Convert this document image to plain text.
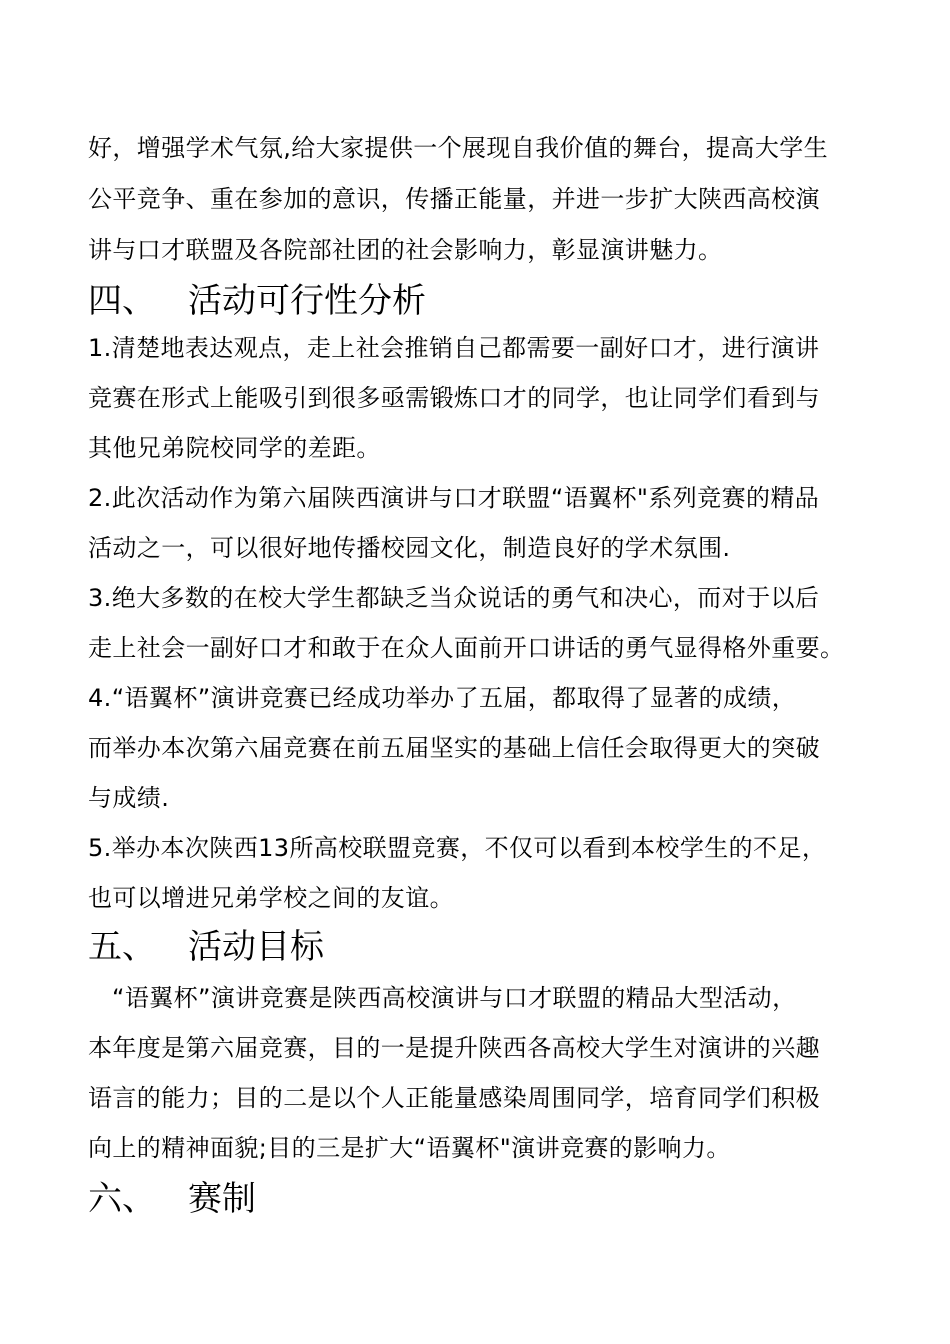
好，增强学术气氛,给大家提供一个展现自我价值的舞台，提高大学生
公平竞争、重在参加的意识，传播正能量，并进一步扩大陕西高校演
讲与口才联盟及各院部社团的社会影响力，彰显演讲魅力。
四、 活动可行性分析
1.清楚地表达观点，走上社会推销自己都需要一副好口才，进行演讲
竞赛在形式上能吸引到很多亟需锻炼口才的同学，也让同学们看到与
其他兄弟院校同学的差距。
2.此次活动作为第六届陕西演讲与口才联盟“语翼杯"系列竞赛的精品
活动之一，可以很好地传播校园文化，制造良好的学术氛围.
3.绝大多数的在校大学生都缺乏当众说话的勇气和决心，而对于以后
走上社会一副好口才和敢于在众人面前开口讲话的勇气显得格外重要。
4.“语翼杯”演讲竞赛已经成功举办了五届，都取得了显著的成绩，
而举办本次第六届竞赛在前五届坚实的基础上信任会取得更大的突破
与成绩.
5.举办本次陕西13所高校联盟竞赛，不仅可以看到本校学生的不足，
也可以增进兄弟学校之间的友谊。
五、 活动目标
“语翼杯”演讲竞赛是陕西高校演讲与口才联盟的精品大型活动，
本年度是第六届竞赛，目的一是提升陕西各高校大学生对演讲的兴趣
语言的能力；目的二是以个人正能量感染周围同学，培育同学们积极
向上的精神面貌;目的三是扩大“语翼杯"演讲竞赛的影响力。
六、 赛制
